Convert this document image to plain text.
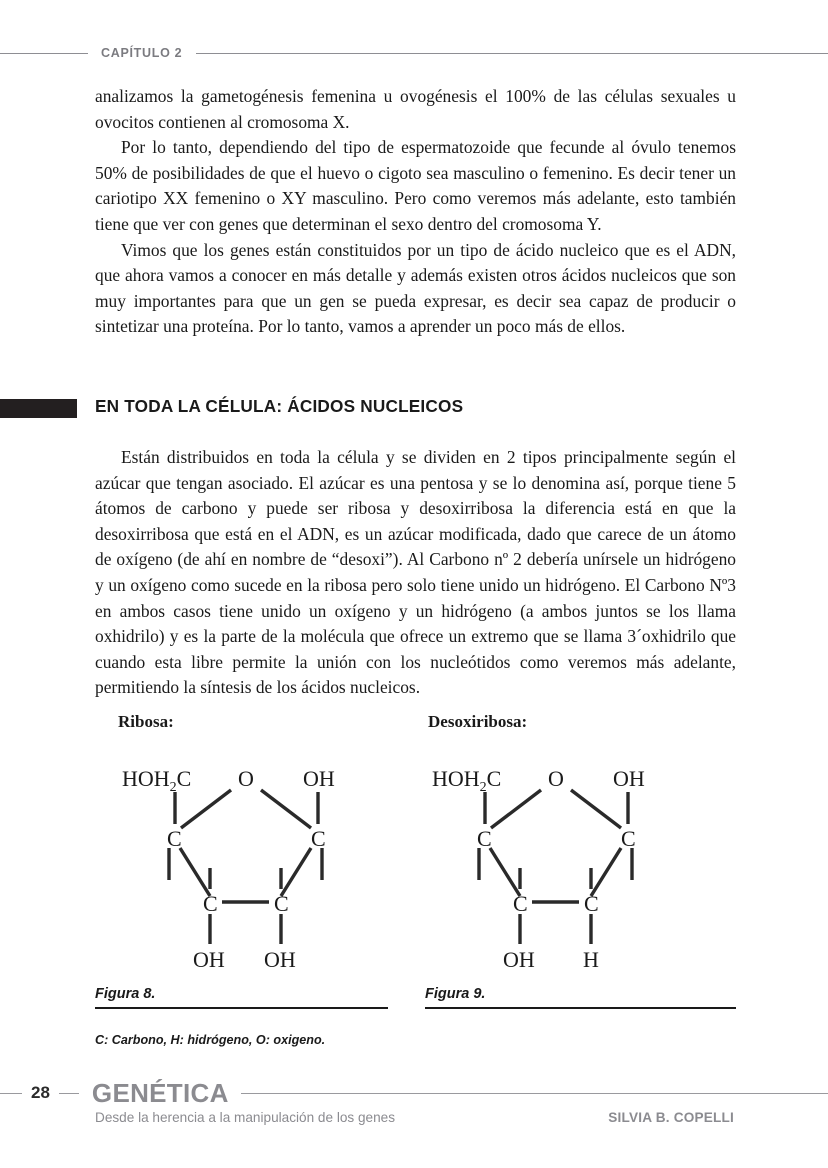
CAPÍTULO 2

analizamos la gametogénesis femenina u ovogénesis el 100% de las células sexuales u ovocitos contienen al cromosoma X.

Por lo tanto, dependiendo del tipo de espermatozoide que fecunde al óvulo tenemos 50% de posibilidades de que el huevo o cigoto sea masculino o femenino. Es decir tener un cariotipo XX femenino o XY masculino. Pero como veremos más adelante, esto también tiene que ver con genes que determinan el sexo dentro del cromosoma Y.

Vimos que los genes están constituidos por un tipo de ácido nucleico que es el ADN, que ahora vamos a conocer en más detalle y además existen otros ácidos nucleicos que son muy importantes para que un gen se pueda expresar, es decir sea capaz de producir o sintetizar una proteína. Por lo tanto, vamos a aprender un poco más de ellos.

EN TODA LA CÉLULA: ÁCIDOS NUCLEICOS

Están distribuidos en toda la célula y se dividen en 2 tipos principalmente según el azúcar que tengan asociado. El azúcar es una pentosa y se lo denomina así, porque tiene 5 átomos de carbono y puede ser ribosa y desoxirribosa la diferencia está en que la desoxirribosa que está en el ADN, es un azúcar modificada, dado que carece de un átomo de oxígeno (de ahí en nombre de “desoxi”). Al Carbono nº 2 debería unírsele un hidrógeno y un oxígeno como sucede en la ribosa pero solo tiene unido un hidrógeno. El Carbono Nº3 en ambos casos tiene unido un oxígeno y un hidrógeno (a ambos juntos se los llama oxhidrilo) y es la parte de la molécula que ofrece un extremo que se llama 3´oxhidrilo que cuando esta libre permite la unión con los nucleótidos como veremos más adelante, permitiendo la síntesis de los ácidos nucleicos.

Ribosa:
$HOH_2C$ O OH
C	C
C	C
OH OH
Desoxiribosa:
$HOH_2C$ O OH
C	C
C	C
OH H
Figura 8.	Figura 9.
C: Carbono, H: hidrógeno, O: oxigeno.
28 GENÉTICA
Desde la herencia a la manipulación de los genes	SILVIA B. COPELLI
